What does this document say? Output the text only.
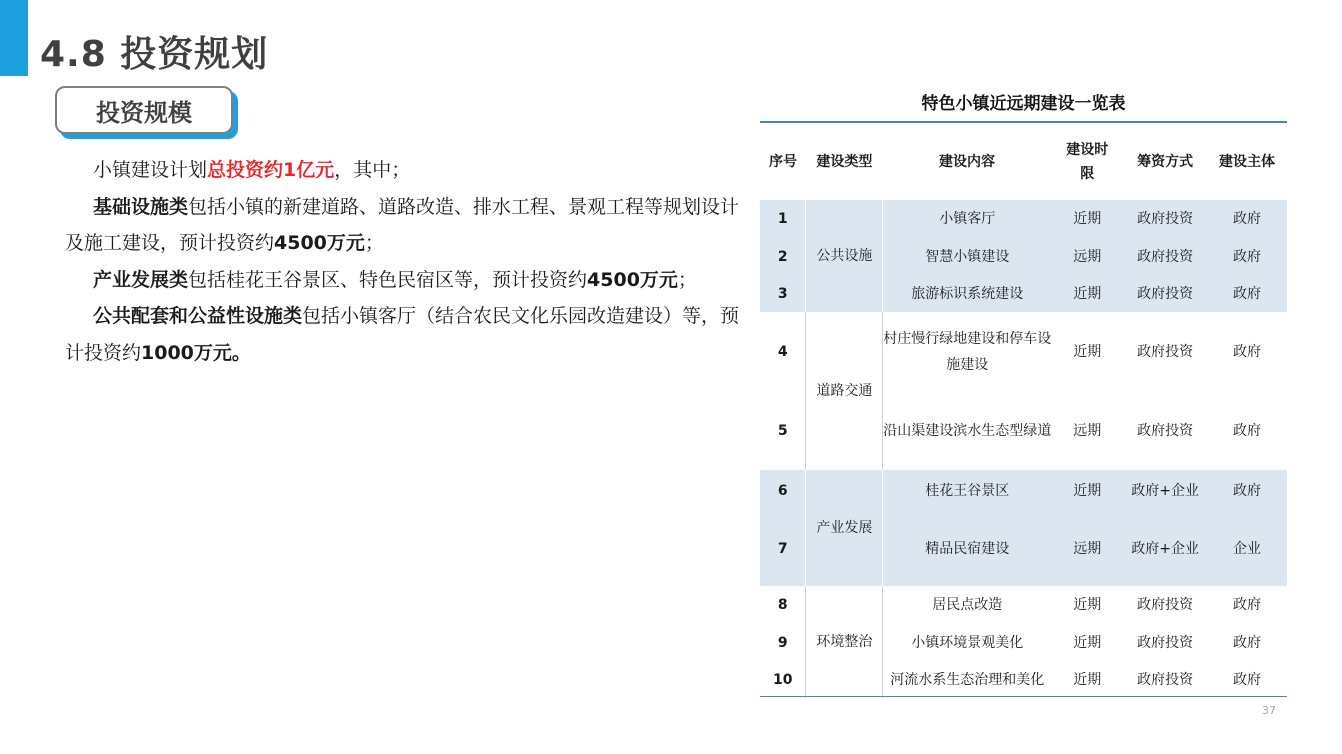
4.8 投资规划
投资规模

小镇建设计划总投资约1亿元，其中；

基础设施类包括小镇的新建道路、道路改造、排水工程、景观工程等规划设计及施工建设，预计投资约4500万元；

产业发展类包括桂花王谷景区、特色民宿区等，预计投资约4500万元；

公共配套和公益性设施类包括小镇客厅（结合农民文化乐园改造建设）等，预计投资约1000万元。

特色小镇近远期建设一览表
序号	建设类型	建设内容	建设时限	筹资方式	建设主体
1	公共设施	小镇客厅	近期	政府投资	政府
2		智慧小镇建设	远期	政府投资	政府
3		旅游标识系统建设	近期	政府投资	政府
4	道路交通	村庄慢行绿地建设和停车设施建设	近期	政府投资	政府
5		沿山渠建设滨水生态型绿道	远期	政府投资	政府
6	产业发展	桂花王谷景区	近期	政府+企业	政府
7		精品民宿建设	远期	政府+企业	企业
8	环境整治	居民点改造	近期	政府投资	政府
9		小镇环境景观美化	近期	政府投资	政府
10		河流水系生态治理和美化	近期	政府投资	政府
37
